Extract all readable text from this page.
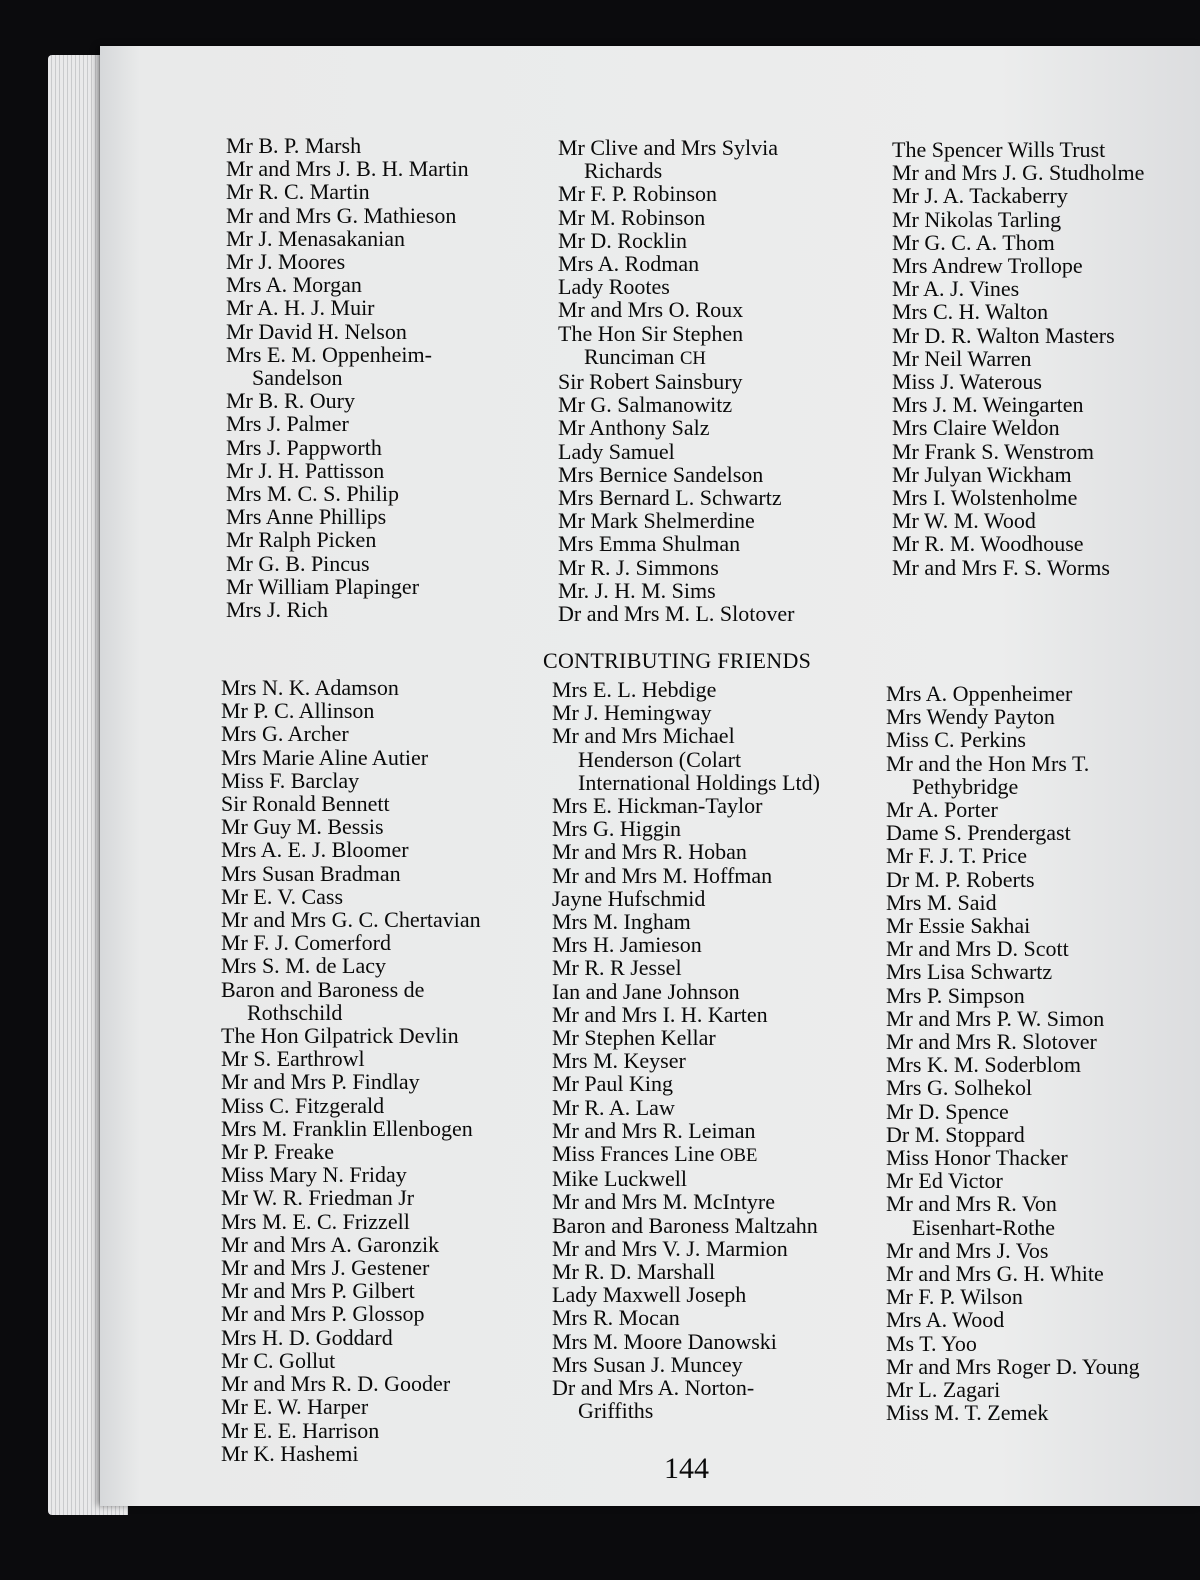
Mr B. P. Marsh
Mr and Mrs J. B. H. Martin
Mr R. C. Martin
Mr and Mrs G. Mathieson
Mr J. Menasakanian
Mr J. Moores
Mrs A. Morgan
Mr A. H. J. Muir
Mr David H. Nelson
Mrs E. M. Oppenheim-
Sandelson
Mr B. R. Oury
Mrs J. Palmer
Mrs J. Pappworth
Mr J. H. Pattisson
Mrs M. C. S. Philip
Mrs Anne Phillips
Mr Ralph Picken
Mr G. B. Pincus
Mr William Plapinger
Mrs J. Rich
Mr Clive and Mrs Sylvia
Richards
Mr F. P. Robinson
Mr M. Robinson
Mr D. Rocklin
Mrs A. Rodman
Lady Rootes
Mr and Mrs O. Roux
The Hon Sir Stephen
Runciman CH
Sir Robert Sainsbury
Mr G. Salmanowitz
Mr Anthony Salz
Lady Samuel
Mrs Bernice Sandelson
Mrs Bernard L. Schwartz
Mr Mark Shelmerdine
Mrs Emma Shulman
Mr R. J. Simmons
Mr. J. H. M. Sims
Dr and Mrs M. L. Slotover
The Spencer Wills Trust
Mr and Mrs J. G. Studholme
Mr J. A. Tackaberry
Mr Nikolas Tarling
Mr G. C. A. Thom
Mrs Andrew Trollope
Mr A. J. Vines
Mrs C. H. Walton
Mr D. R. Walton Masters
Mr Neil Warren
Miss J. Waterous
Mrs J. M. Weingarten
Mrs Claire Weldon
Mr Frank S. Wenstrom
Mr Julyan Wickham
Mrs I. Wolstenholme
Mr W. M. Wood
Mr R. M. Woodhouse
Mr and Mrs F. S. Worms
CONTRIBUTING FRIENDS
Mrs N. K. Adamson
Mr P. C. Allinson
Mrs G. Archer
Mrs Marie Aline Autier
Miss F. Barclay
Sir Ronald Bennett
Mr Guy M. Bessis
Mrs A. E. J. Bloomer
Mrs Susan Bradman
Mr E. V. Cass
Mr and Mrs G. C. Chertavian
Mr F. J. Comerford
Mrs S. M. de Lacy
Baron and Baroness de
Rothschild
The Hon Gilpatrick Devlin
Mr S. Earthrowl
Mr and Mrs P. Findlay
Miss C. Fitzgerald
Mrs M. Franklin Ellenbogen
Mr P. Freake
Miss Mary N. Friday
Mr W. R. Friedman Jr
Mrs M. E. C. Frizzell
Mr and Mrs A. Garonzik
Mr and Mrs J. Gestener
Mr and Mrs P. Gilbert
Mr and Mrs P. Glossop
Mrs H. D. Goddard
Mr C. Gollut
Mr and Mrs R. D. Gooder
Mr E. W. Harper
Mr E. E. Harrison
Mr K. Hashemi
Mrs E. L. Hebdige
Mr J. Hemingway
Mr and Mrs Michael
Henderson (Colart
International Holdings Ltd)
Mrs E. Hickman-Taylor
Mrs G. Higgin
Mr and Mrs R. Hoban
Mr and Mrs M. Hoffman
Jayne Hufschmid
Mrs M. Ingham
Mrs H. Jamieson
Mr R. R Jessel
Ian and Jane Johnson
Mr and Mrs I. H. Karten
Mr Stephen Kellar
Mrs M. Keyser
Mr Paul King
Mr R. A. Law
Mr and Mrs R. Leiman
Miss Frances Line OBE
Mike Luckwell
Mr and Mrs M. McIntyre
Baron and Baroness Maltzahn
Mr and Mrs V. J. Marmion
Mr R. D. Marshall
Lady Maxwell Joseph
Mrs R. Mocan
Mrs M. Moore Danowski
Mrs Susan J. Muncey
Dr and Mrs A. Norton-
Griffiths
Mrs A. Oppenheimer
Mrs Wendy Payton
Miss C. Perkins
Mr and the Hon Mrs T.
Pethybridge
Mr A. Porter
Dame S. Prendergast
Mr F. J. T. Price
Dr M. P. Roberts
Mrs M. Said
Mr Essie Sakhai
Mr and Mrs D. Scott
Mrs Lisa Schwartz
Mrs P. Simpson
Mr and Mrs P. W. Simon
Mr and Mrs R. Slotover
Mrs K. M. Soderblom
Mrs G. Solhekol
Mr D. Spence
Dr M. Stoppard
Miss Honor Thacker
Mr Ed Victor
Mr and Mrs R. Von
Eisenhart-Rothe
Mr and Mrs J. Vos
Mr and Mrs G. H. White
Mr F. P. Wilson
Mrs A. Wood
Ms T. Yoo
Mr and Mrs Roger D. Young
Mr L. Zagari
Miss M. T. Zemek
144
